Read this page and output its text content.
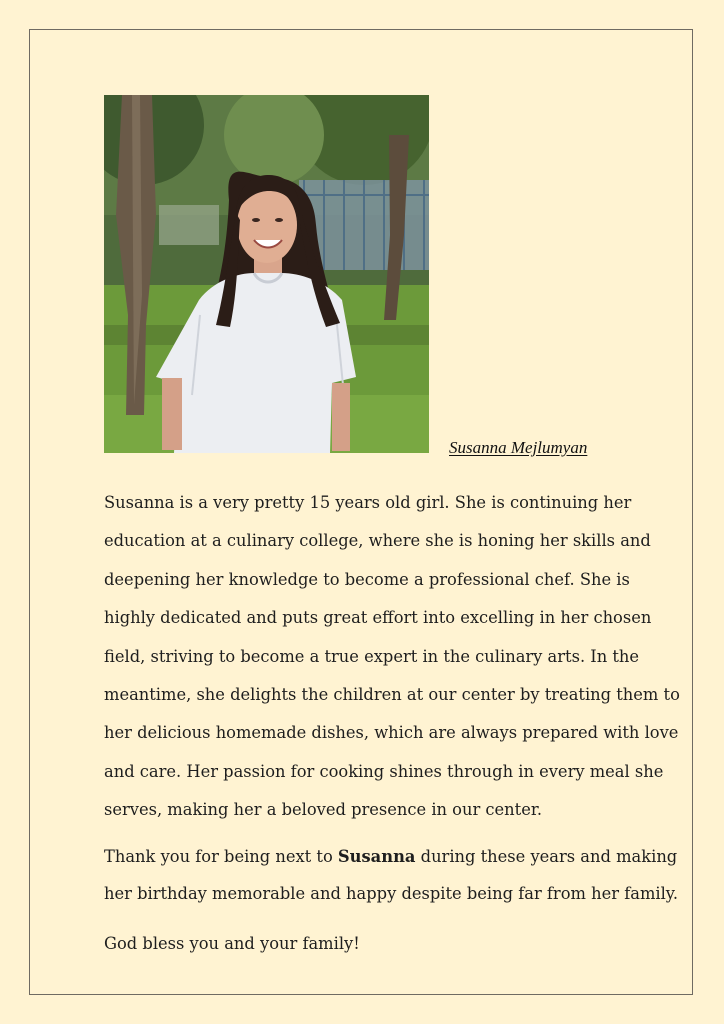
Susanna Mejlumyan

Susanna is a very pretty 15 years old girl. She is continuing her education at a culinary college, where she is honing her skills and deepening her knowledge to become a professional chef. She is highly dedicated and puts great effort into excelling in her chosen field, striving to become a true expert in the culinary arts. In the meantime, she delights the children at our center by treating them to her delicious homemade dishes, which are always prepared with love and care. Her passion for cooking shines through in every meal she serves, making her a beloved presence in our center.

Thank you for being next to Susanna during these years and making her birthday memorable and happy despite being far from her family.

God bless you and your family!
